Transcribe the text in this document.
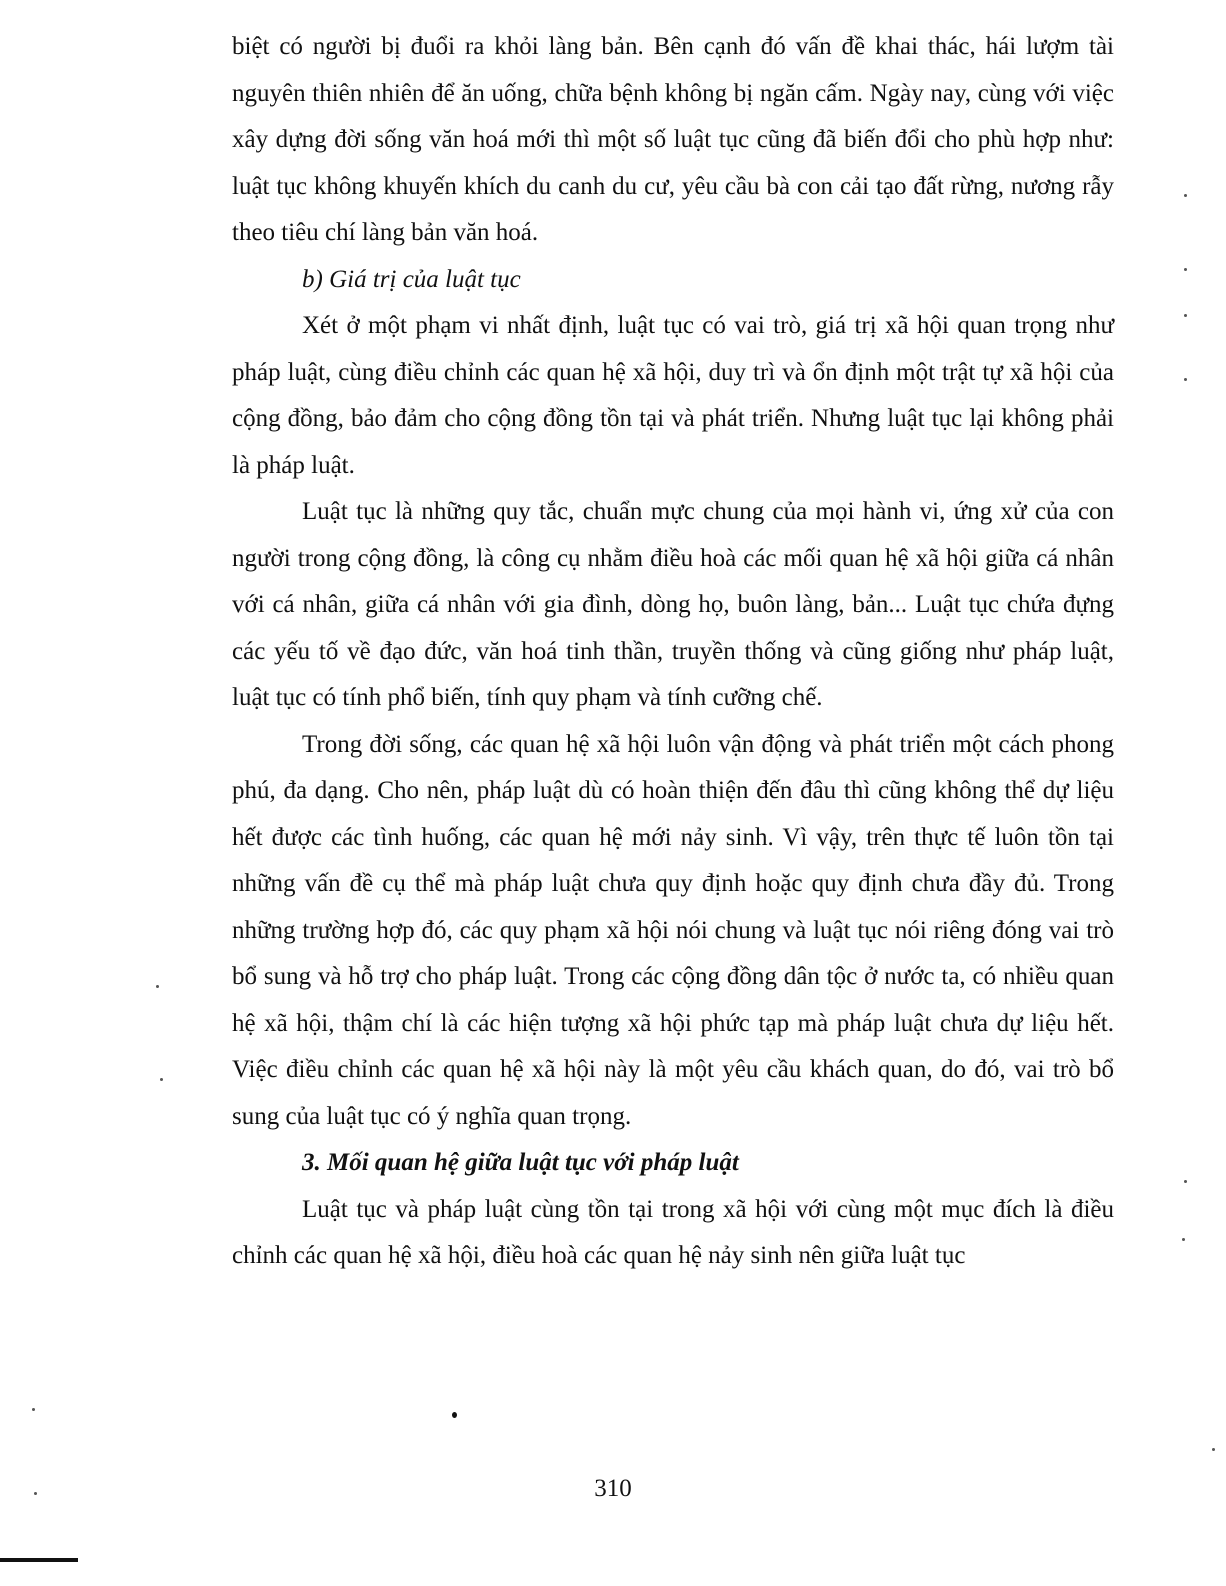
biệt có người bị đuổi ra khỏi làng bản. Bên cạnh đó vấn đề khai thác, hái lượm tài nguyên thiên nhiên để ăn uống, chữa bệnh không bị ngăn cấm. Ngày nay, cùng với việc xây dựng đời sống văn hoá mới thì một số luật tục cũng đã biến đổi cho phù hợp như: luật tục không khuyến khích du canh du cư, yêu cầu bà con cải tạo đất rừng, nương rẫy theo tiêu chí làng bản văn hoá.

b) Giá trị của luật tục

Xét ở một phạm vi nhất định, luật tục có vai trò, giá trị xã hội quan trọng như pháp luật, cùng điều chỉnh các quan hệ xã hội, duy trì và ổn định một trật tự xã hội của cộng đồng, bảo đảm cho cộng đồng tồn tại và phát triển. Nhưng luật tục lại không phải là pháp luật.

Luật tục là những quy tắc, chuẩn mực chung của mọi hành vi, ứng xử của con người trong cộng đồng, là công cụ nhằm điều hoà các mối quan hệ xã hội giữa cá nhân với cá nhân, giữa cá nhân với gia đình, dòng họ, buôn làng, bản... Luật tục chứa đựng các yếu tố về đạo đức, văn hoá tinh thần, truyền thống và cũng giống như pháp luật, luật tục có tính phổ biến, tính quy phạm và tính cưỡng chế.

Trong đời sống, các quan hệ xã hội luôn vận động và phát triển một cách phong phú, đa dạng. Cho nên, pháp luật dù có hoàn thiện đến đâu thì cũng không thể dự liệu hết được các tình huống, các quan hệ mới nảy sinh. Vì vậy, trên thực tế luôn tồn tại những vấn đề cụ thể mà pháp luật chưa quy định hoặc quy định chưa đầy đủ. Trong những trường hợp đó, các quy phạm xã hội nói chung và luật tục nói riêng đóng vai trò bổ sung và hỗ trợ cho pháp luật. Trong các cộng đồng dân tộc ở nước ta, có nhiều quan hệ xã hội, thậm chí là các hiện tượng xã hội phức tạp mà pháp luật chưa dự liệu hết. Việc điều chỉnh các quan hệ xã hội này là một yêu cầu khách quan, do đó, vai trò bổ sung của luật tục có ý nghĩa quan trọng.

3. Mối quan hệ giữa luật tục với pháp luật

Luật tục và pháp luật cùng tồn tại trong xã hội với cùng một mục đích là điều chỉnh các quan hệ xã hội, điều hoà các quan hệ nảy sinh nên giữa luật tục

310
